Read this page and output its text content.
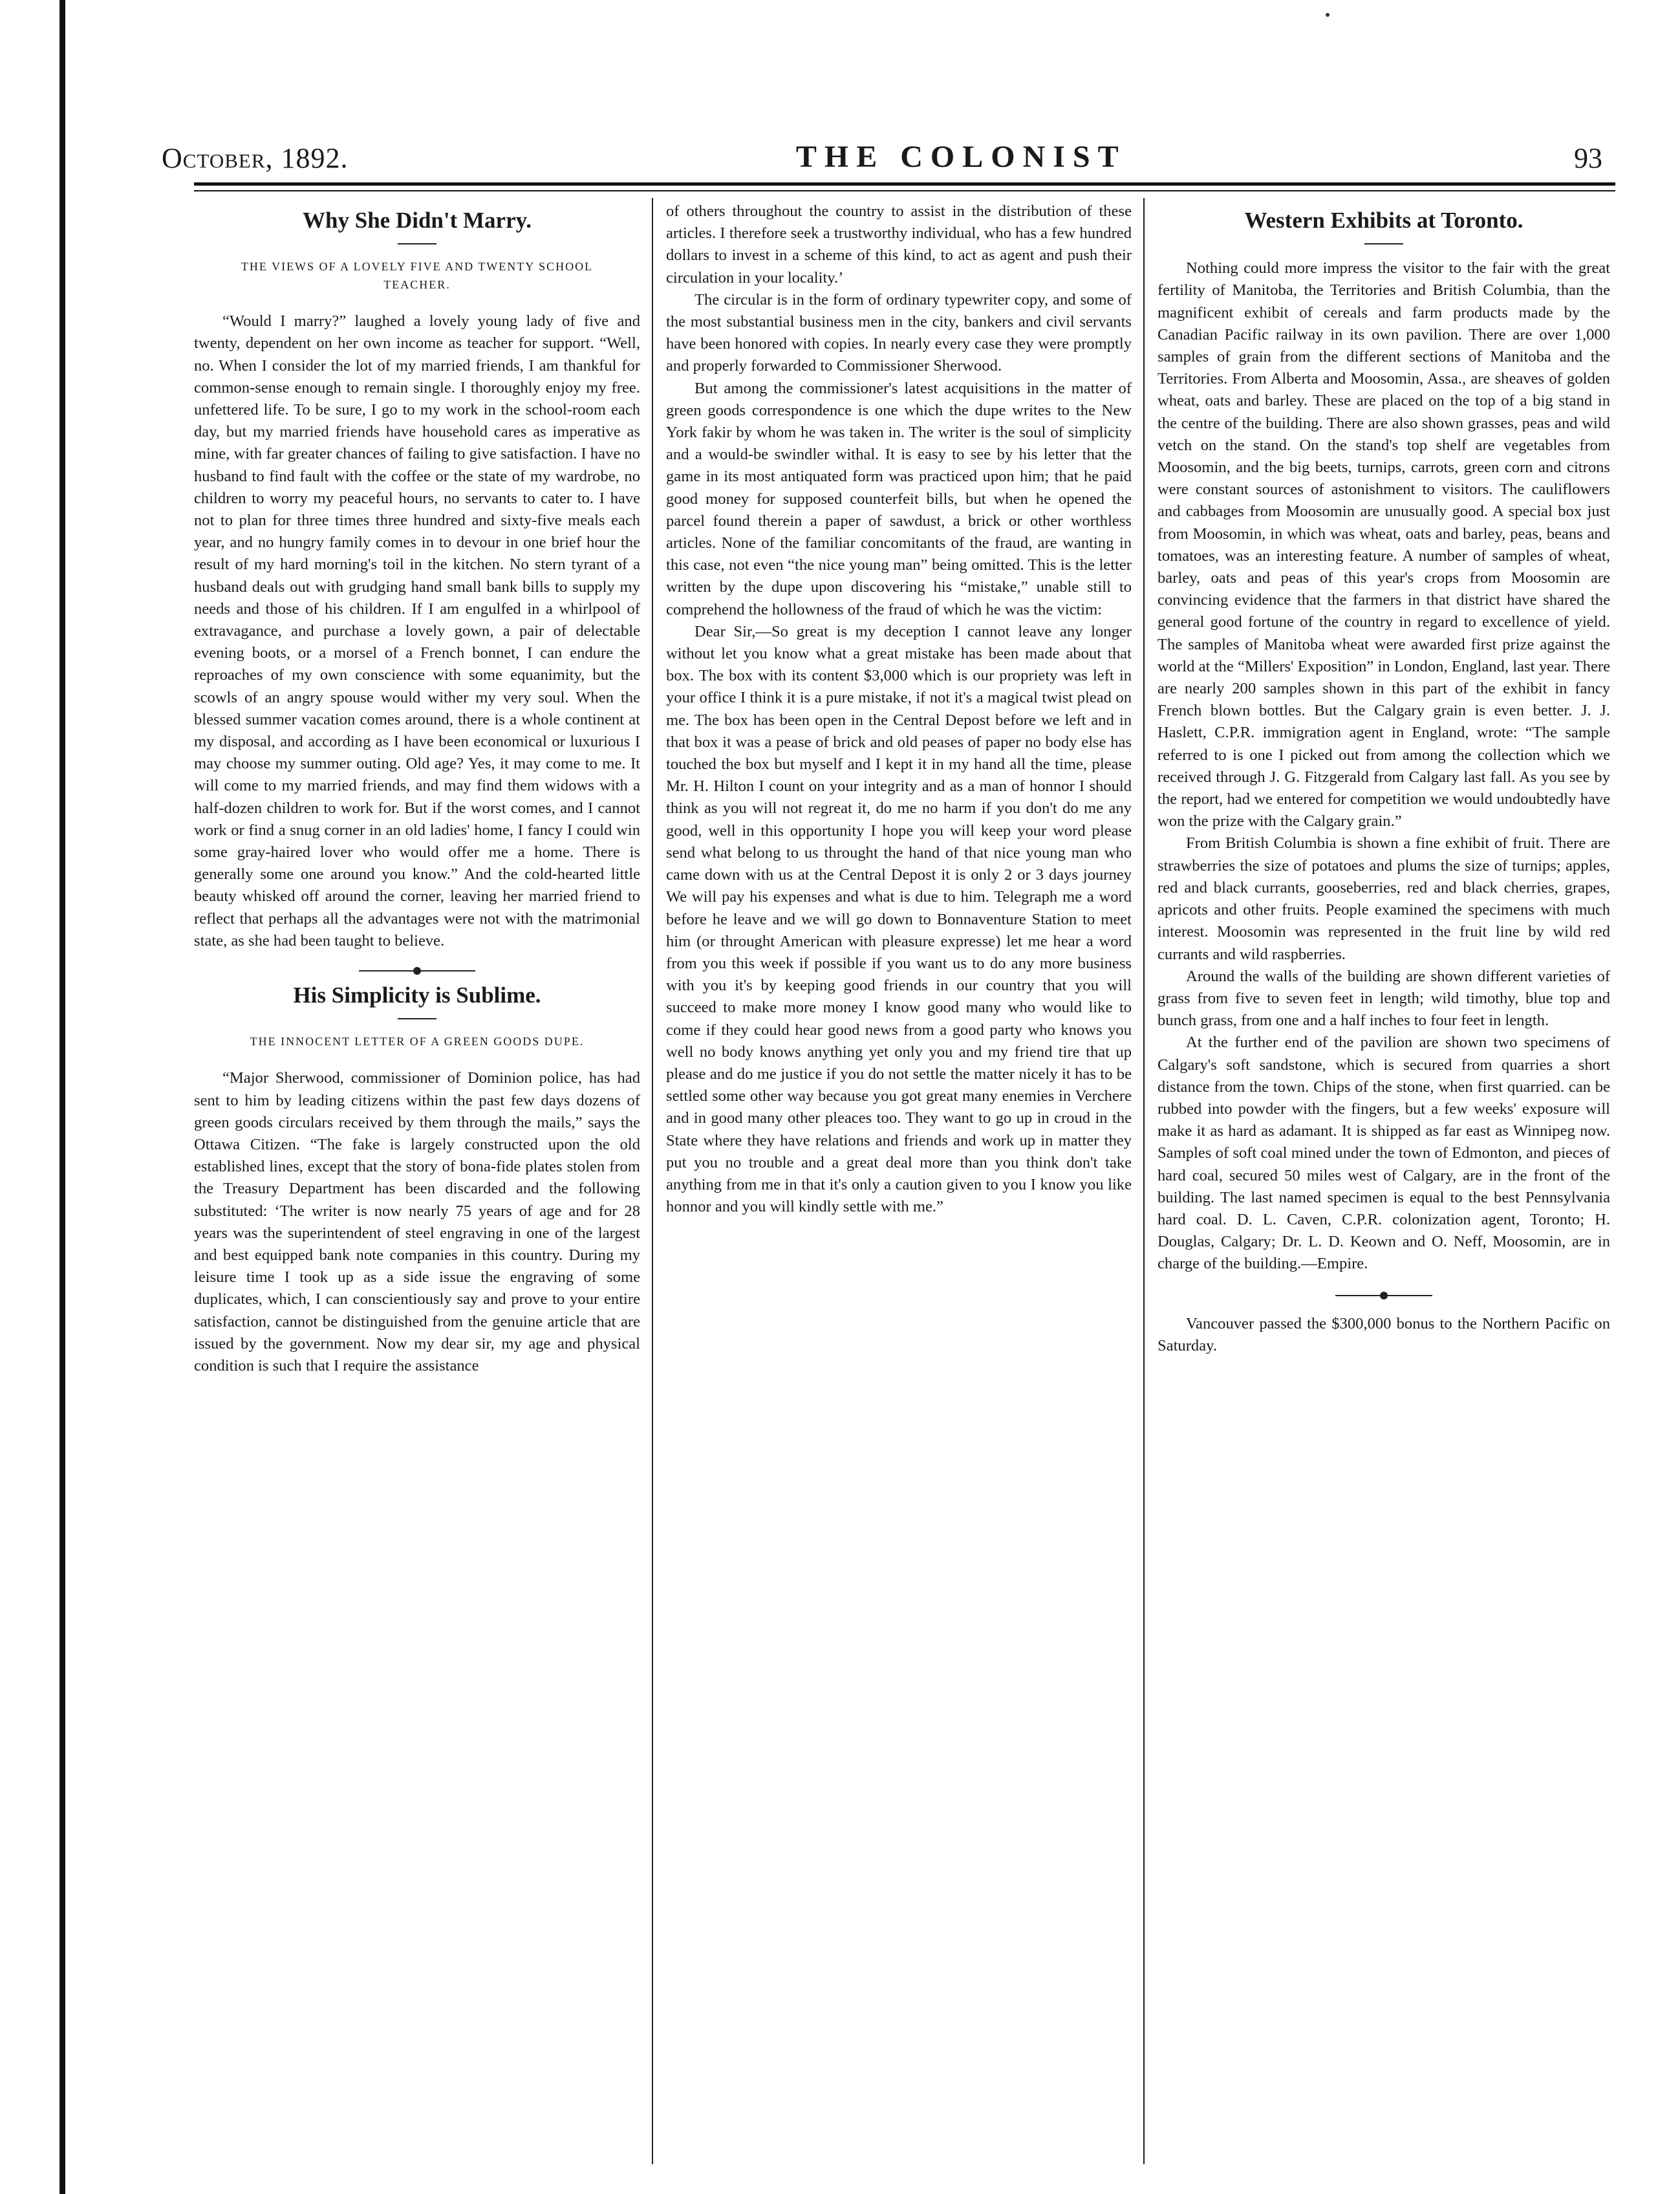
October, 1892.	THE COLONIST	93
Why She Didn't Marry.
THE VIEWS OF A LOVELY FIVE AND TWENTY SCHOOL TEACHER.

“Would I marry?” laughed a lovely young lady of five and twenty, dependent on her own income as teacher for support. “Well, no. When I consider the lot of my married friends, I am thankful for common-sense enough to remain single. I thoroughly enjoy my free. unfettered life. To be sure, I go to my work in the school-room each day, but my married friends have household cares as imperative as mine, with far greater chances of failing to give satisfaction. I have no husband to find fault with the coffee or the state of my wardrobe, no children to worry my peaceful hours, no servants to cater to. I have not to plan for three times three hundred and sixty-five meals each year, and no hungry family comes in to devour in one brief hour the result of my hard morning's toil in the kitchen. No stern tyrant of a husband deals out with grudging hand small bank bills to supply my needs and those of his children. If I am engulfed in a whirlpool of extravagance, and purchase a lovely gown, a pair of delectable evening boots, or a morsel of a French bonnet, I can endure the reproaches of my own conscience with some equanimity, but the scowls of an angry spouse would wither my very soul. When the blessed summer vacation comes around, there is a whole continent at my disposal, and according as I have been economical or luxurious I may choose my summer outing. Old age? Yes, it may come to me. It will come to my married friends, and may find them widows with a half-dozen children to work for. But if the worst comes, and I cannot work or find a snug corner in an old ladies' home, I fancy I could win some gray-haired lover who would offer me a home. There is generally some one around you know.” And the cold-hearted little beauty whisked off around the corner, leaving her married friend to reflect that perhaps all the advantages were not with the matrimonial state, as she had been taught to believe.

His Simplicity is Sublime.
THE INNOCENT LETTER OF A GREEN GOODS DUPE.

“Major Sherwood, commissioner of Dominion police, has had sent to him by leading citizens within the past few days dozens of green goods circulars received by them through the mails,” says the Ottawa Citizen. “The fake is largely constructed upon the old established lines, except that the story of bona-fide plates stolen from the Treasury Department has been discarded and the following substituted: ‘The writer is now nearly 75 years of age and for 28 years was the superintendent of steel engraving in one of the largest and best equipped bank note companies in this country. During my leisure time I took up as a side issue the engraving of some duplicates, which, I can conscientiously say and prove to your entire satisfaction, cannot be distinguished from the genuine article that are issued by the government. Now my dear sir, my age and physical condition is such that I require the assistance

of others throughout the country to assist in the distribution of these articles. I therefore seek a trustworthy individual, who has a few hundred dollars to invest in a scheme of this kind, to act as agent and push their circulation in your locality.’

The circular is in the form of ordinary typewriter copy, and some of the most substantial business men in the city, bankers and civil servants have been honored with copies. In nearly every case they were promptly and properly forwarded to Commissioner Sherwood.

But among the commissioner's latest acquisitions in the matter of green goods correspondence is one which the dupe writes to the New York fakir by whom he was taken in. The writer is the soul of simplicity and a would-be swindler withal. It is easy to see by his letter that the game in its most antiquated form was practiced upon him; that he paid good money for supposed counterfeit bills, but when he opened the parcel found therein a paper of sawdust, a brick or other worthless articles. None of the familiar concomitants of the fraud, are wanting in this case, not even “the nice young man” being omitted. This is the letter written by the dupe upon discovering his “mistake,” unable still to comprehend the hollowness of the fraud of which he was the victim:

Dear Sir,—So great is my deception I cannot leave any longer without let you know what a great mistake has been made about that box. The box with its content $3,000 which is our propriety was left in your office I think it is a pure mistake, if not it's a magical twist plead on me. The box has been open in the Central Depost before we left and in that box it was a pease of brick and old peases of paper no body else has touched the box but myself and I kept it in my hand all the time, please Mr. H. Hilton I count on your integrity and as a man of honnor I should think as you will not regreat it, do me no harm if you don't do me any good, well in this opportunity I hope you will keep your word please send what belong to us throught the hand of that nice young man who came down with us at the Central Depost it is only 2 or 3 days journey We will pay his expenses and what is due to him. Telegraph me a word before he leave and we will go down to Bonnaventure Station to meet him (or throught American with pleasure expresse) let me hear a word from you this week if possible if you want us to do any more business with you it's by keeping good friends in our country that you will succeed to make more money I know good many who would like to come if they could hear good news from a good party who knows you well no body knows anything yet only you and my friend tire that up please and do me justice if you do not settle the matter nicely it has to be settled some other way because you got great many enemies in Verchere and in good many other pleaces too. They want to go up in croud in the State where they have relations and friends and work up in matter they put you no trouble and a great deal more than you think don't take anything from me in that it's only a caution given to you I know you like honnor and you will kindly settle with me.”

Western Exhibits at Toronto.

Nothing could more impress the visitor to the fair with the great fertility of Manitoba, the Territories and British Columbia, than the magnificent exhibit of cereals and farm products made by the Canadian Pacific railway in its own pavilion. There are over 1,000 samples of grain from the different sections of Manitoba and the Territories. From Alberta and Moosomin, Assa., are sheaves of golden wheat, oats and barley. These are placed on the top of a big stand in the centre of the building. There are also shown grasses, peas and wild vetch on the stand. On the stand's top shelf are vegetables from Moosomin, and the big beets, turnips, carrots, green corn and citrons were constant sources of astonishment to visitors. The cauliflowers and cabbages from Moosomin are unusually good. A special box just from Moosomin, in which was wheat, oats and barley, peas, beans and tomatoes, was an interesting feature. A number of samples of wheat, barley, oats and peas of this year's crops from Moosomin are convincing evidence that the farmers in that district have shared the general good fortune of the country in regard to excellence of yield. The samples of Manitoba wheat were awarded first prize against the world at the “Millers' Exposition” in London, England, last year. There are nearly 200 samples shown in this part of the exhibit in fancy French blown bottles. But the Calgary grain is even better. J. J. Haslett, C.P.R. immigration agent in England, wrote: “The sample referred to is one I picked out from among the collection which we received through J. G. Fitzgerald from Calgary last fall. As you see by the report, had we entered for competition we would undoubtedly have won the prize with the Calgary grain.”

From British Columbia is shown a fine exhibit of fruit. There are strawberries the size of potatoes and plums the size of turnips; apples, red and black currants, gooseberries, red and black cherries, grapes, apricots and other fruits. People examined the specimens with much interest. Moosomin was represented in the fruit line by wild red currants and wild raspberries.

Around the walls of the building are shown different varieties of grass from five to seven feet in length; wild timothy, blue top and bunch grass, from one and a half inches to four feet in length.

At the further end of the pavilion are shown two specimens of Calgary's soft sandstone, which is secured from quarries a short distance from the town. Chips of the stone, when first quarried. can be rubbed into powder with the fingers, but a few weeks' exposure will make it as hard as adamant. It is shipped as far east as Winnipeg now. Samples of soft coal mined under the town of Edmonton, and pieces of hard coal, secured 50 miles west of Calgary, are in the front of the building. The last named specimen is equal to the best Pennsylvania hard coal. D. L. Caven, C.P.R. colonization agent, Toronto; H. Douglas, Calgary; Dr. L. D. Keown and O. Neff, Moosomin, are in charge of the building.—Empire.

Vancouver passed the $300,000 bonus to the Northern Pacific on Saturday.
